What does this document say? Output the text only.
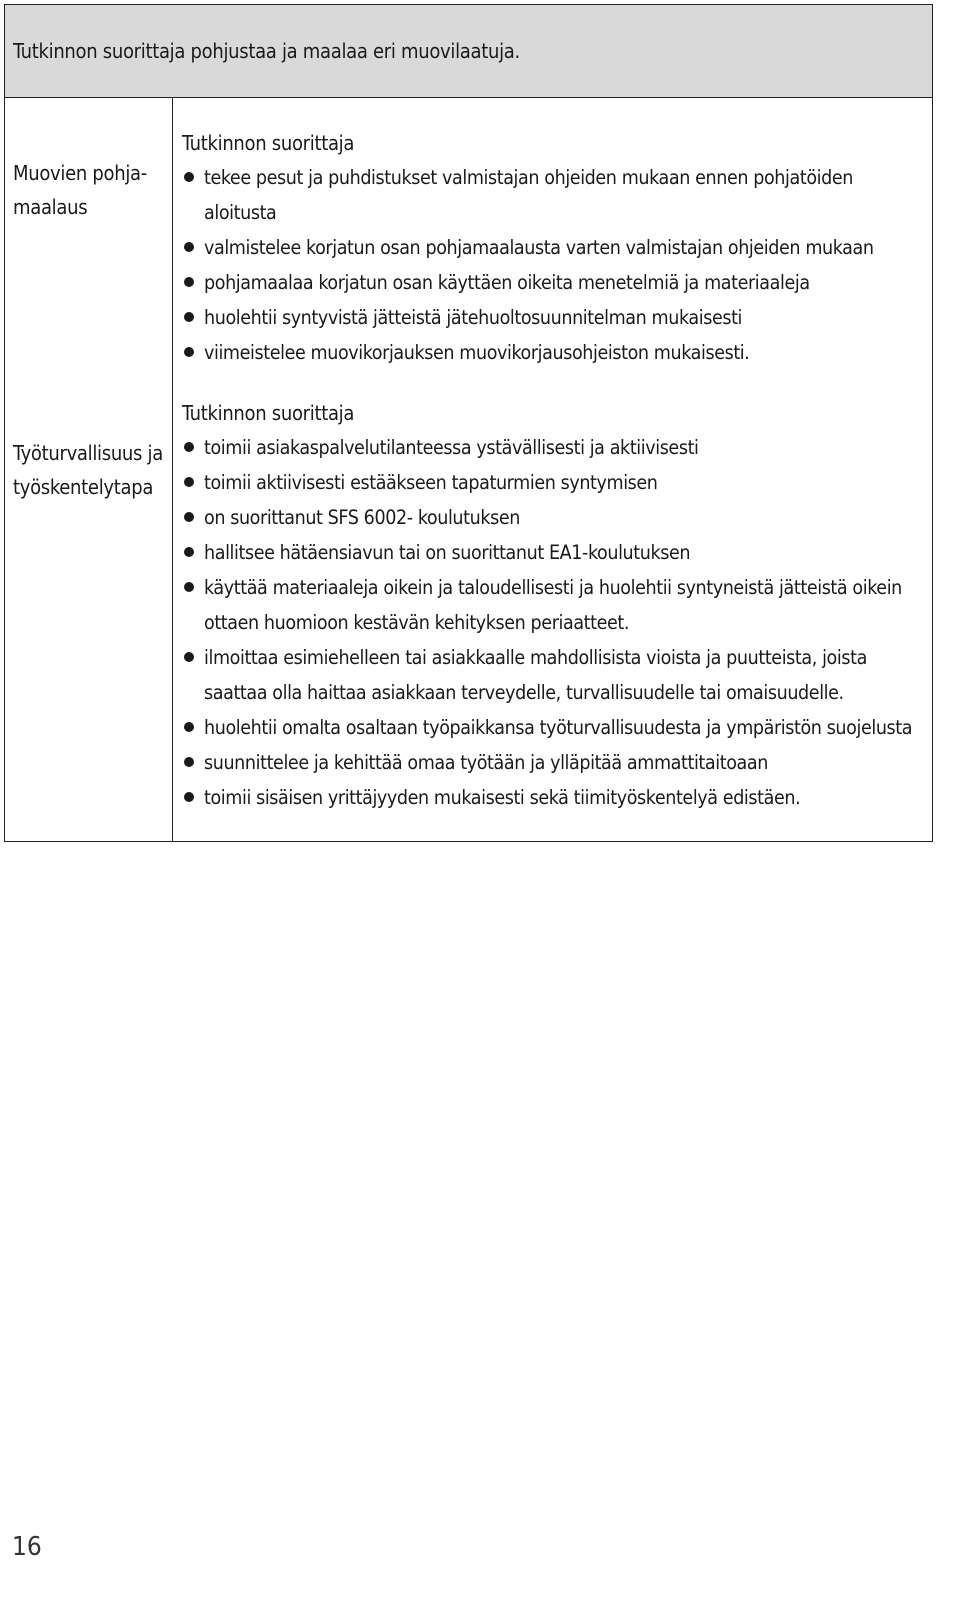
Tutkinnon suorittaja pohjustaa ja maalaa eri muovilaatuja.
Muovien pohja-
maalaus
Työturvallisuus ja
työskentelytapa

Tutkinnon suorittaja

tekee pesut ja puhdistukset valmistajan ohjeiden mukaan ennen pohjatöiden aloitusta
valmistelee korjatun osan pohjamaalausta varten valmistajan ohjeiden mukaan
pohjamaalaa korjatun osan käyttäen oikeita menetelmiä ja materiaaleja
huolehtii syntyvistä jätteistä jätehuoltosuunnitelman mukaisesti
viimeistelee muovikorjauksen muovikorjausohjeiston mukaisesti.

Tutkinnon suorittaja

toimii asiakaspalvelutilanteessa ystävällisesti ja aktiivisesti
toimii aktiivisesti estääkseen tapaturmien syntymisen
on suorittanut SFS 6002- koulutuksen
hallitsee hätäensiavun tai on suorittanut EA1-koulutuksen
käyttää materiaaleja oikein ja taloudellisesti ja huolehtii syntyneistä jätteistä oikein ottaen huomioon kestävän kehityksen periaatteet.
ilmoittaa esimiehelleen tai asiakkaalle mahdollisista vioista ja puutteista, joista saattaa olla haittaa asiakkaan terveydelle, turvallisuudelle tai omaisuudelle.
huolehtii omalta osaltaan työpaikkansa työturvallisuudesta ja ympäristön suojelusta
suunnittelee ja kehittää omaa työtään ja ylläpitää ammattitaitoaan
toimii sisäisen yrittäjyyden mukaisesti sekä tiimityöskentelyä edistäen.
16
